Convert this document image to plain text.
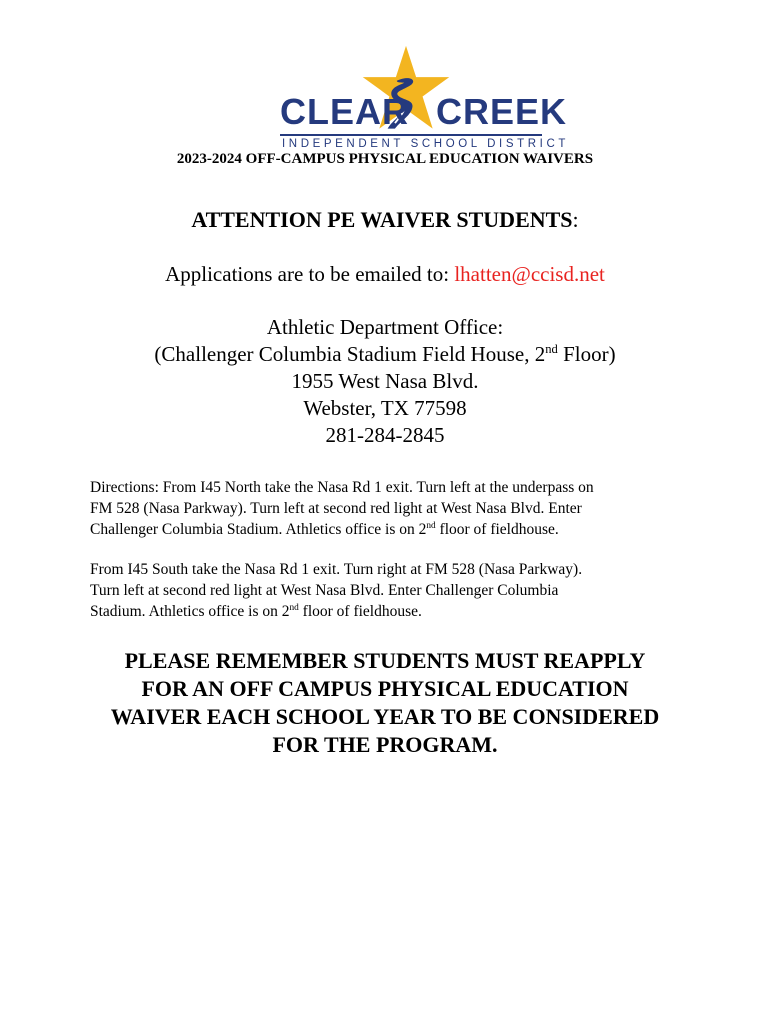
CLEAR CREEK
INDEPENDENT SCHOOL DISTRICT
2023-2024 OFF-CAMPUS PHYSICAL EDUCATION WAIVERS
ATTENTION PE WAIVER STUDENTS:
Applications are to be emailed to: lhatten@ccisd.net
Athletic Department Office:
(Challenger Columbia Stadium Field House, 2nd Floor)
1955 West Nasa Blvd.
Webster, TX 77598
281-284-2845
Directions: From I45 North take the Nasa Rd 1 exit. Turn left at the underpass on
FM 528 (Nasa Parkway). Turn left at second red light at West Nasa Blvd. Enter
Challenger Columbia Stadium. Athletics office is on 2nd floor of fieldhouse.
From I45 South take the Nasa Rd 1 exit. Turn right at FM 528 (Nasa Parkway).
Turn left at second red light at West Nasa Blvd. Enter Challenger Columbia
Stadium. Athletics office is on 2nd floor of fieldhouse.
PLEASE REMEMBER STUDENTS MUST REAPPLY
FOR AN OFF CAMPUS PHYSICAL EDUCATION
WAIVER EACH SCHOOL YEAR TO BE CONSIDERED
FOR THE PROGRAM.
